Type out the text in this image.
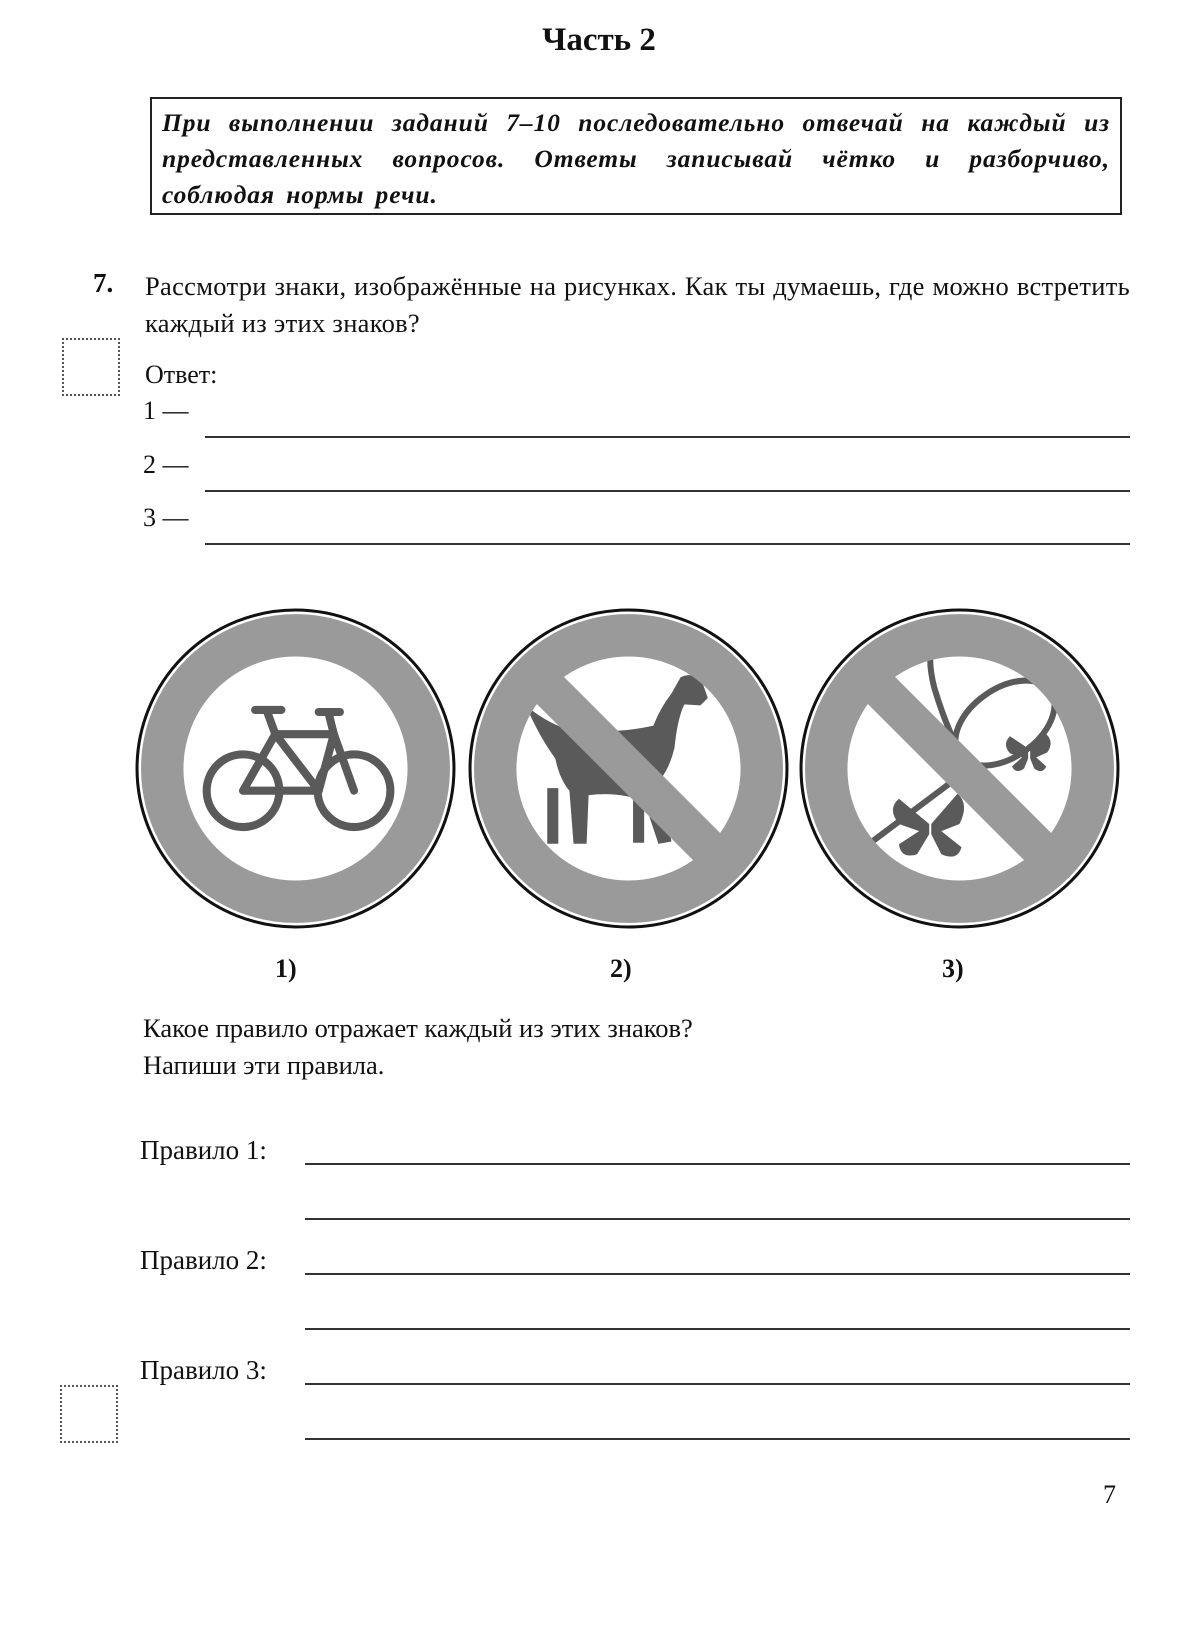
Часть 2
При выполнении заданий 7–10 последовательно отвечай на каждый из представленных вопросов. Ответы записывай чётко и разборчиво, соблюдая нормы речи.
7. Рассмотри знаки, изображённые на рисунках. Как ты думаешь, где можно встретить каждый из этих знаков?
Ответ:
1 —
2 —
3 —
1)	2)	3)
Какое правило отражает каждый из этих знаков?
Напиши эти правила.
Правило 1:
Правило 2:
Правило 3:
7
